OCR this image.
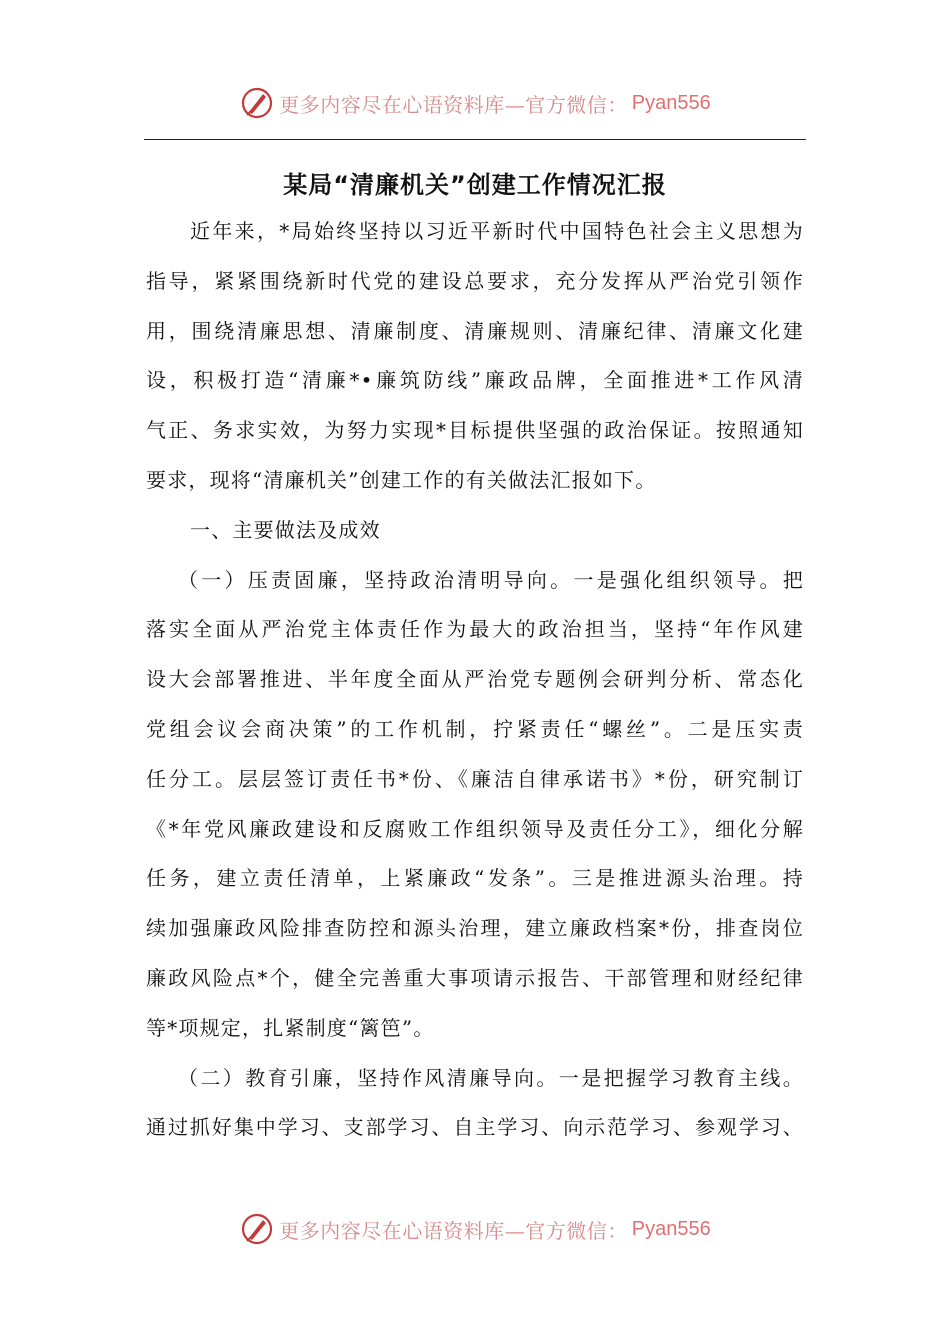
更多内容尽在心语资料库—官方微信： Pyan556
某局“清廉机关”创建工作情况汇报

近年来，*局始终坚持以习近平新时代中国特色社会主义思想为
指导，紧紧围绕新时代党的建设总要求，充分发挥从严治党引领作
用，围绕清廉思想、清廉制度、清廉规则、清廉纪律、清廉文化建
设，积极打造“清廉*•廉筑防线”廉政品牌，全面推进*工作风清
气正、务求实效，为努力实现*目标提供坚强的政治保证。按照通知
要求，现将“清廉机关”创建工作的有关做法汇报如下。

一、主要做法及成效

（一）压责固廉，坚持政治清明导向。一是强化组织领导。把
落实全面从严治党主体责任作为最大的政治担当，坚持“年作风建
设大会部署推进、半年度全面从严治党专题例会研判分析、常态化
党组会议会商决策”的工作机制，拧紧责任“螺丝”。二是压实责
任分工。层层签订责任书*份、《廉洁自律承诺书》*份，研究制订
《*年党风廉政建设和反腐败工作组织领导及责任分工》，细化分解
任务，建立责任清单，上紧廉政“发条”。三是推进源头治理。持
续加强廉政风险排查防控和源头治理，建立廉政档案*份，排查岗位
廉政风险点*个，健全完善重大事项请示报告、干部管理和财经纪律
等*项规定，扎紧制度“篱笆”。

（二）教育引廉，坚持作风清廉导向。一是把握学习教育主线。
通过抓好集中学习、支部学习、自主学习、向示范学习、参观学习、

更多内容尽在心语资料库—官方微信： Pyan556
